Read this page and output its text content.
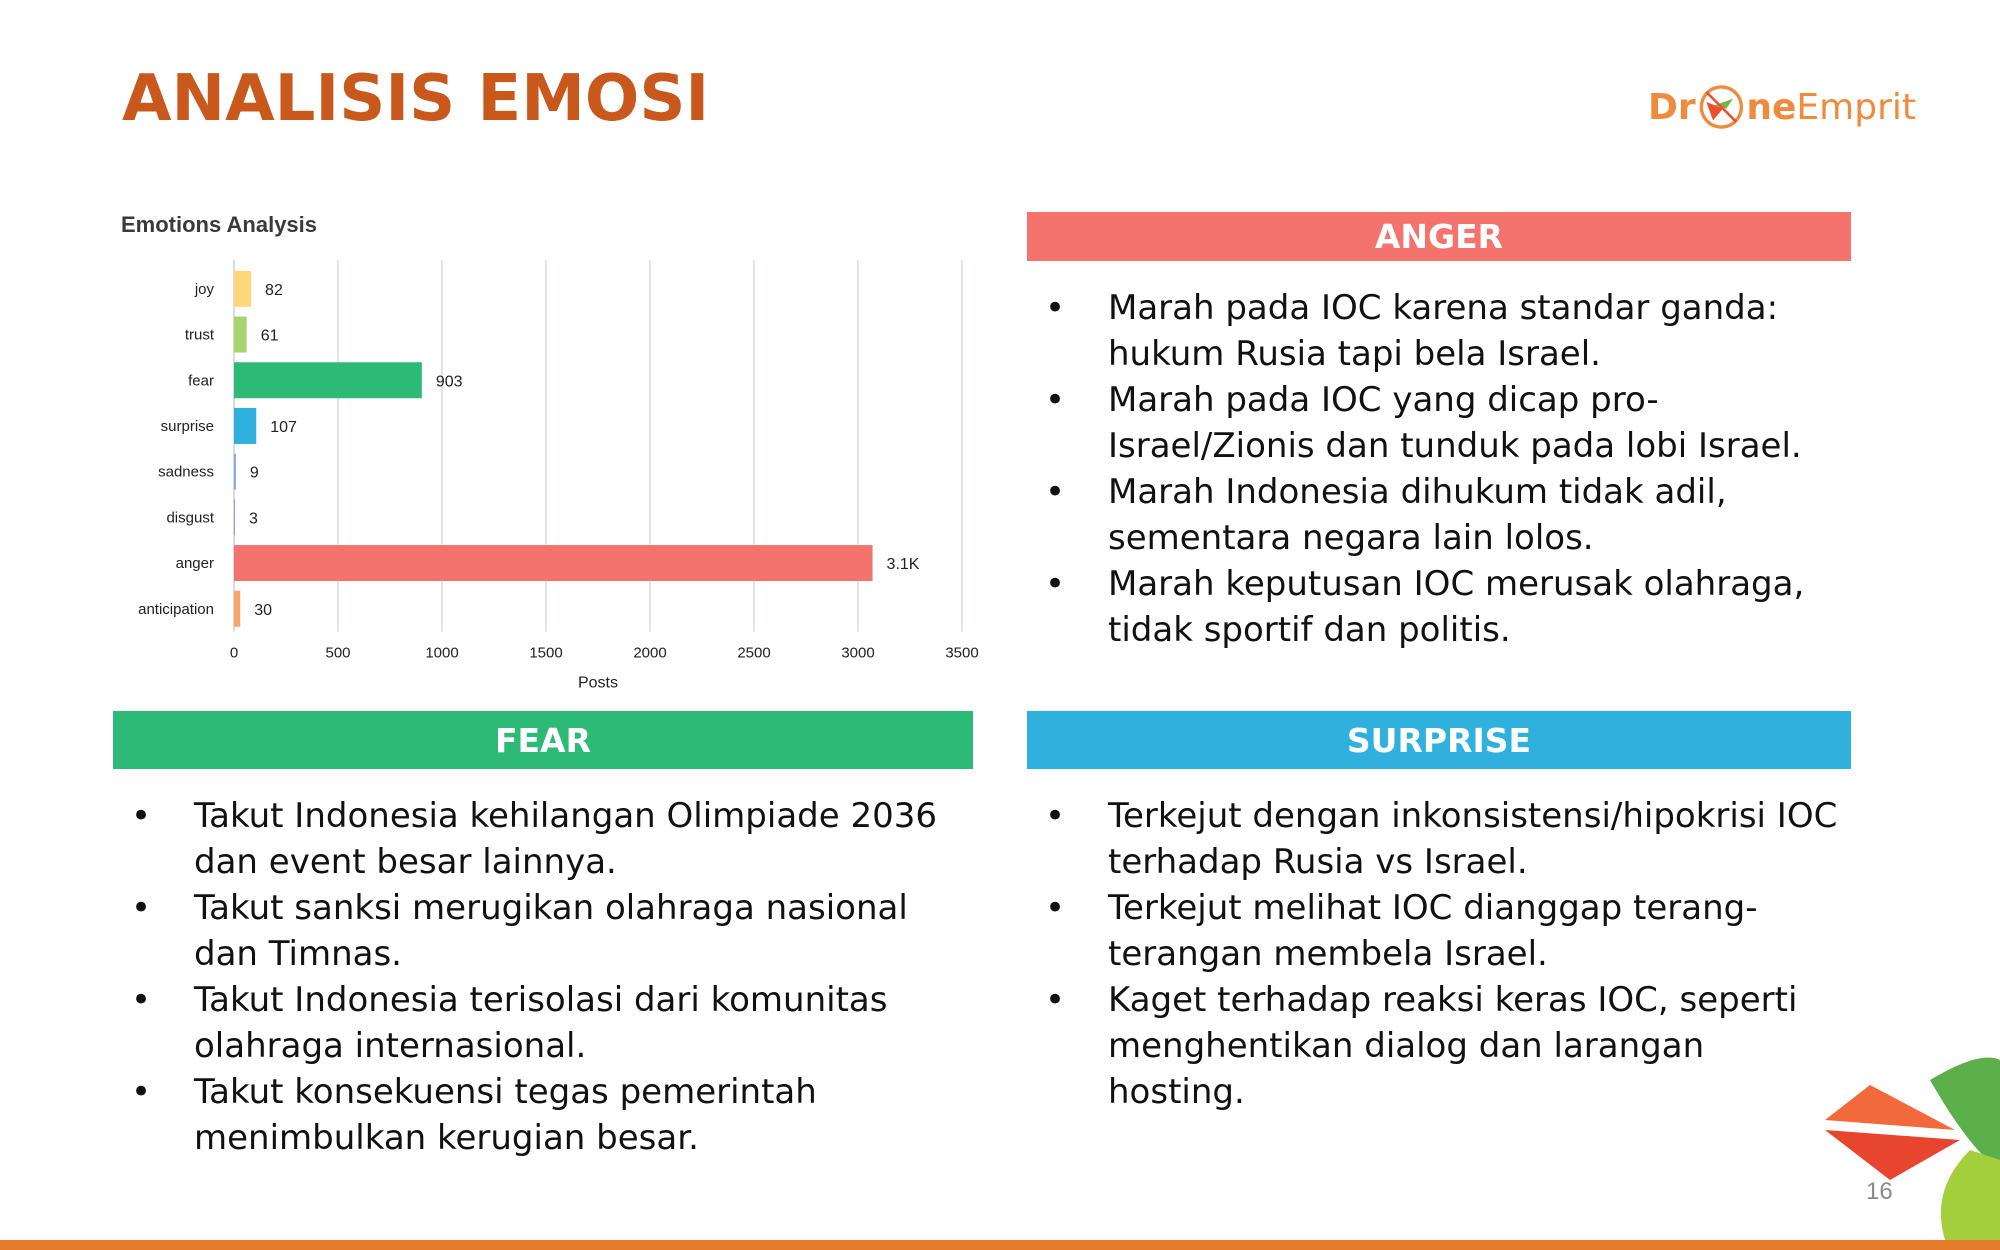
ANALISIS EMOSI	Dr ne Emprit
Emotions Analysis
0	500	1000	1500	2000	2500	3000	3500
joy	82
trust	61
fear	903
surprise	107
sadness 9
disgust 3
anger	3.1K
anticipation	30
Posts
ANGER
• Marah pada IOC karena standar ganda: hukum Rusia tapi bela Israel.
• Marah pada IOC yang dicap pro-Israel/Zionis dan tunduk pada lobi Israel.
• Marah Indonesia dihukum tidak adil, sementara negara lain lolos.
• Marah keputusan IOC merusak olahraga, tidak sportif dan politis.
FEAR
• Takut Indonesia kehilangan Olimpiade 2036 dan event besar lainnya.
• Takut sanksi merugikan olahraga nasional dan Timnas.
• Takut Indonesia terisolasi dari komunitas olahraga internasional.
• Takut konsekuensi tegas pemerintah menimbulkan kerugian besar.
SURPRISE
• Terkejut dengan inkonsistensi/hipokrisi IOC terhadap Rusia vs Israel.
• Terkejut melihat IOC dianggap terang-terangan membela Israel.
• Kaget terhadap reaksi keras IOC, seperti menghentikan dialog dan larangan hosting.
16
